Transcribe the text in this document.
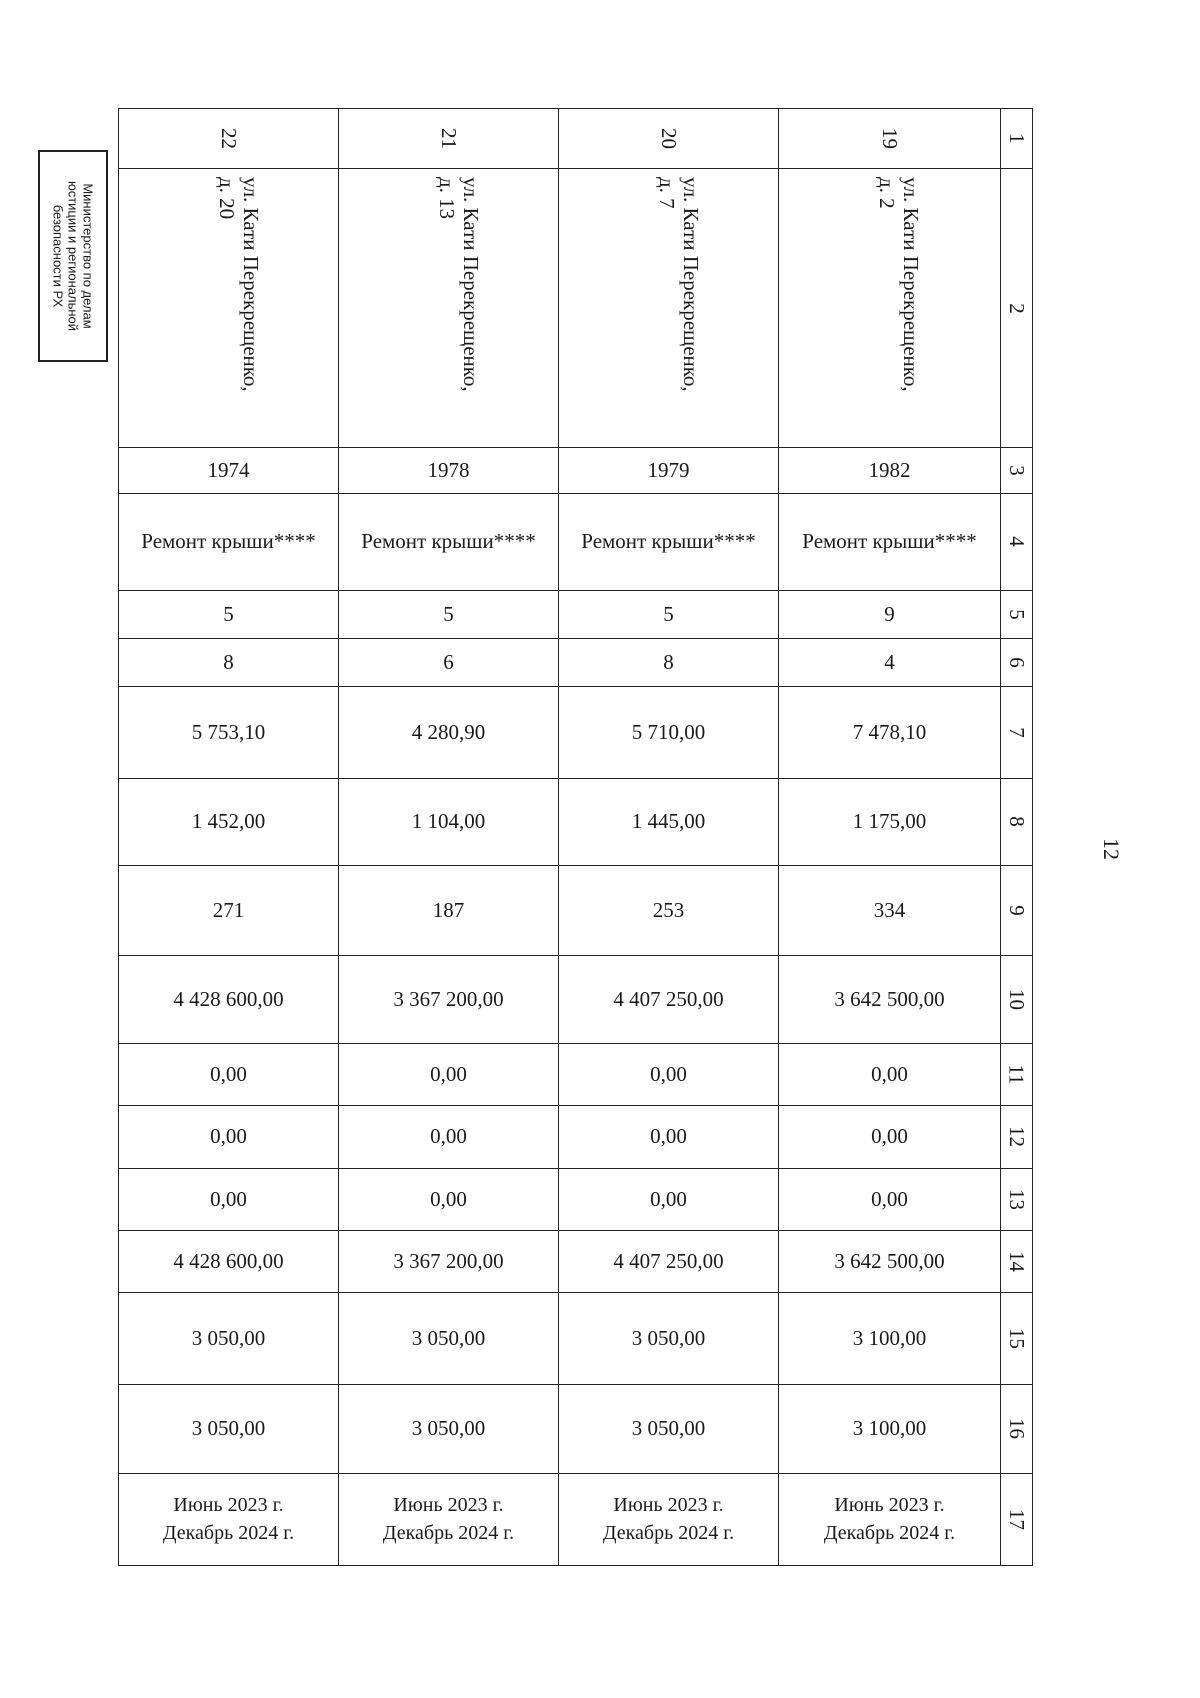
Министерство по делам
юстиции и региональной
безопасности РХ
12
22	21	20	19	1

ул. Кати Перекрещенко,
д. 20	ул. Кати Перекрещенко,
д. 13	ул. Кати Перекрещенко,
д. 7	ул. Кати Перекрещенко,
д. 2	2
1974	1978	1979	1982	3
Ремонт крыши****	Ремонт крыши****	Ремонт крыши****	Ремонт крыши****	4
5	5	5	9	5
8	6	8	4	6
5 753,10	4 280,90	5 710,00	7 478,10	7
1 452,00	1 104,00	1 445,00	1 175,00	8
271	187	253	334	9
4 428 600,00	3 367 200,00	4 407 250,00	3 642 500,00	10
0,00	0,00	0,00	0,00	11
0,00	0,00	0,00	0,00	12
0,00	0,00	0,00	0,00	13
4 428 600,00	3 367 200,00	4 407 250,00	3 642 500,00	14
3 050,00	3 050,00	3 050,00	3 100,00	15
3 050,00	3 050,00	3 050,00	3 100,00	16

Июнь 2023 г.
Декабрь 2024 г.	Июнь 2023 г.
Декабрь 2024 г.	Июнь 2023 г.
Декабрь 2024 г.	Июнь 2023 г.
Декабрь 2024 г.	17
